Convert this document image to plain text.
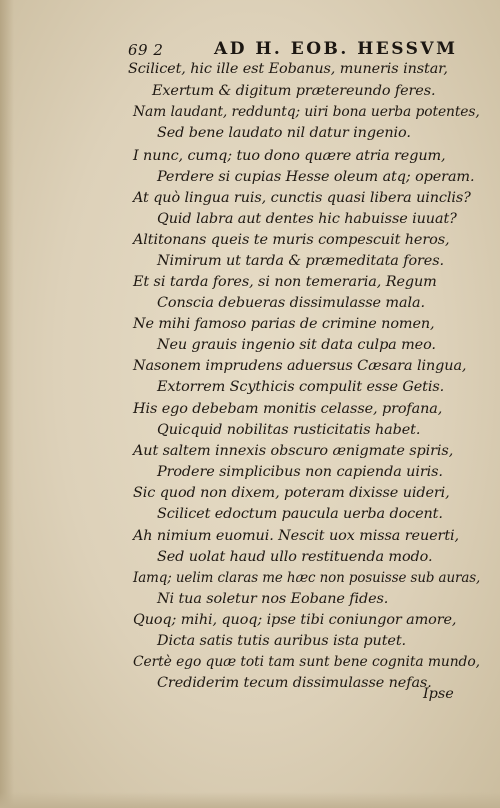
69 2	AD H. EOB. HESSVM
Scilicet, hic ille est Eobanus, muneris instar,
Exertum & digitum prætereundo feres.
Nam laudant, redduntq; uiri bona uerba potentes,
Sed bene laudato nil datur ingenio.
I nunc, cumq; tuo dono quære atria regum,
Perdere si cupias Hesse oleum atq; operam.
At quò lingua ruis, cunctis quasi libera uinclis?
Quid labra aut dentes hic habuisse iuuat?
Altitonans queis te muris compescuit heros,
Nimirum ut tarda & præmeditata fores.
Et si tarda fores, si non temeraria, Regum
Conscia debueras dissimulasse mala.
Ne mihi famoso parias de crimine nomen,
Neu grauis ingenio sit data culpa meo.
Nasonem imprudens aduersus Cæsara lingua,
Extorrem Scythicis compulit esse Getis.
His ego debebam monitis celasse, profana,
Quicquid nobilitas rusticitatis habet.
Aut saltem innexis obscuro ænigmate spiris,
Prodere simplicibus non capienda uiris.
Sic quod non dixem, poteram dixisse uideri,
Scilicet edoctum paucula uerba docent.
Ah nimium euomui. Nescit uox missa reuerti,
Sed uolat haud ullo restituenda modo.
Iamq; uelim claras me hæc non posuisse sub auras,
Ni tua soletur nos Eobane fides.
Quoq; mihi, quoq; ipse tibi coniungor amore,
Dicta satis tutis auribus ista putet.
Certè ego quæ toti tam sunt bene cognita mundo,
Crediderim tecum dissimulasse nefas.
Ipse
